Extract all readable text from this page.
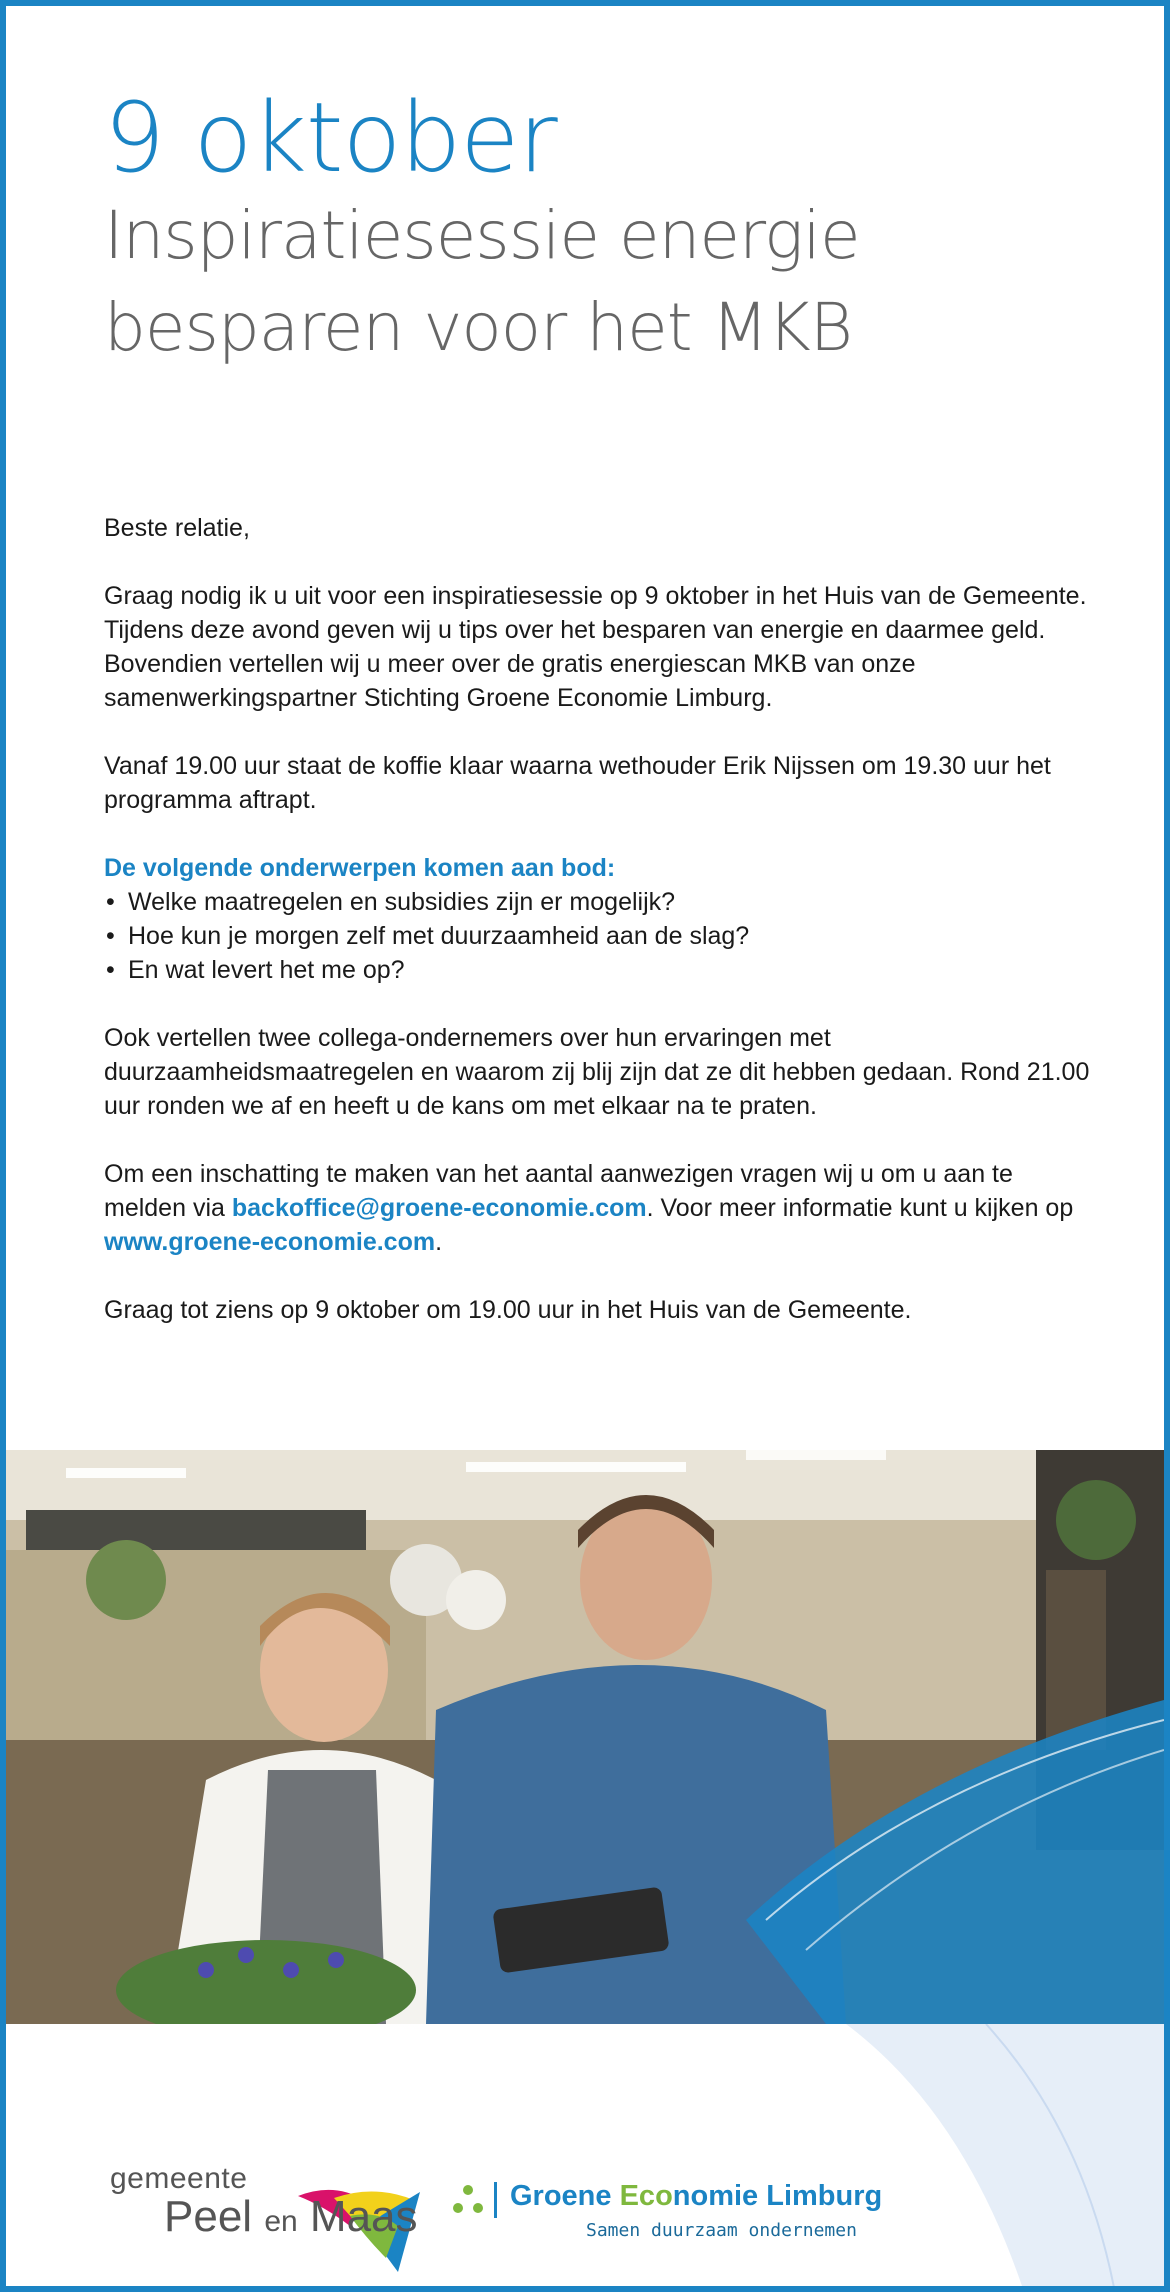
9 oktober
Inspiratiesessie energie
besparen voor het MKB

Beste relatie,

Graag nodig ik u uit voor een inspiratiesessie op 9 oktober in het Huis van de Gemeente. Tijdens deze avond geven wij u tips over het besparen van energie en daarmee geld. Bovendien vertellen wij u meer over de gratis energiescan MKB van onze samenwerkingspartner Stichting Groene Economie Limburg.

Vanaf 19.00 uur staat de koffie klaar waarna wethouder Erik Nijssen om 19.30 uur het programma aftrapt.

De volgende onderwerpen komen aan bod:

• Welke maatregelen en subsidies zijn er mogelijk?
• Hoe kun je morgen zelf met duurzaamheid aan de slag?
• En wat levert het me op?

Ook vertellen twee collega-ondernemers over hun ervaringen met duurzaamheidsmaatregelen en waarom zij blij zijn dat ze dit hebben gedaan. Rond 21.00 uur ronden we af en heeft u de kans om met elkaar na te praten.

Om een inschatting te maken van het aantal aanwezigen vragen wij u om u aan te melden via backoffice@groene-economie.com. Voor meer informatie kunt u kijken op www.groene-economie.com.

Graag tot ziens op 9 oktober om 19.00 uur in het Huis van de Gemeente.

gemeente
Peel en Maas	Groene Economie Limburg
Samen duurzaam ondernemen
